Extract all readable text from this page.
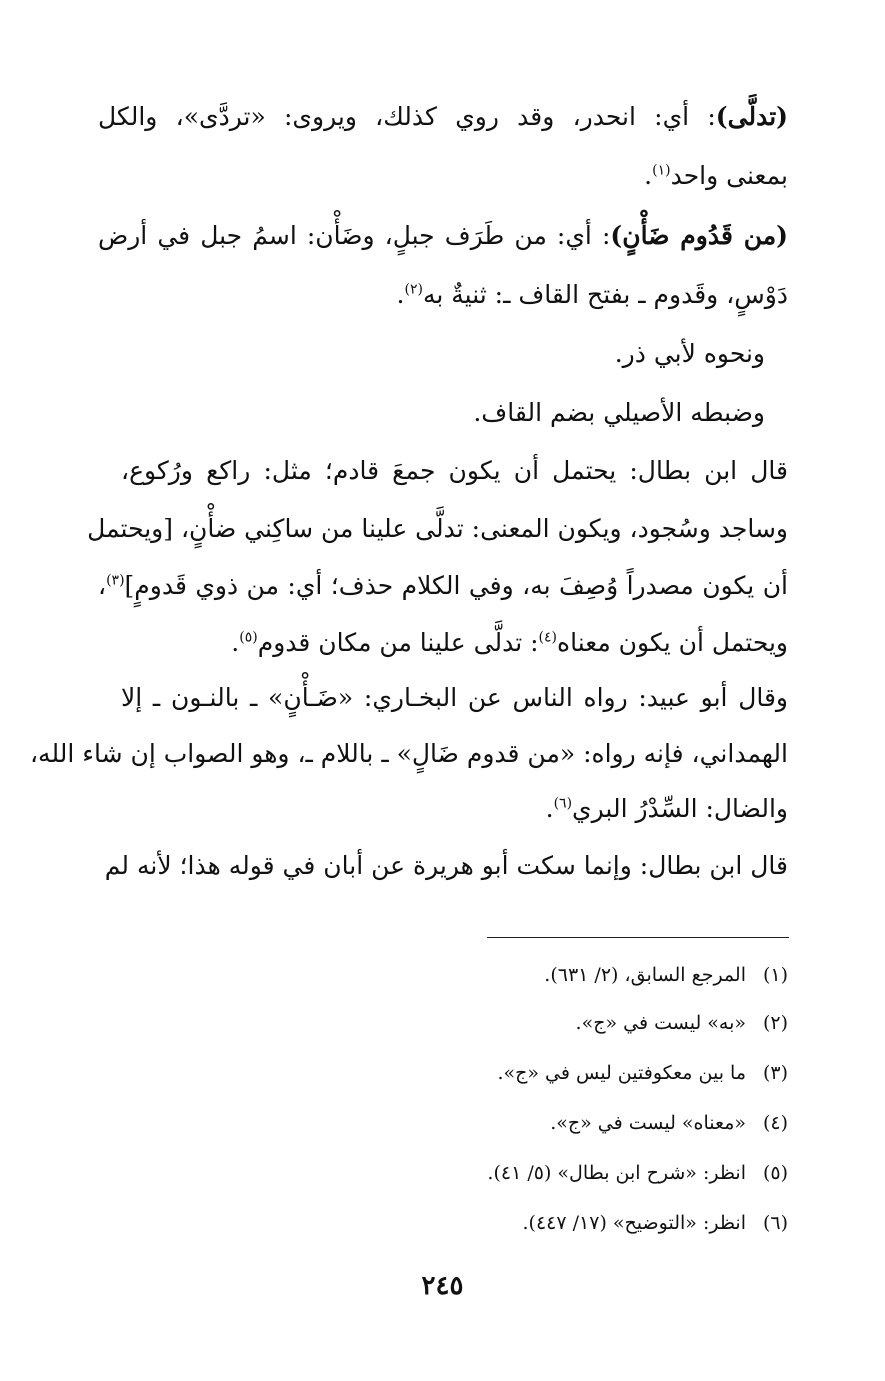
(تدلَّى): أي: انحدر، وقد روي كذلك، ويروى: «تردَّى»، والكل
بمعنى واحد$^{(١)}$.
(من قَدُوم ضَأْنٍ): أي: من طَرَف جبلٍ، وضَأْن: اسمُ جبل في أرض
دَوْسٍ، وقَدوم ـ بفتح القاف ـ: ثنيةٌ به$^{(٢)}$.
ونحوه لأبي ذر.
وضبطه الأصيلي بضم القاف.
قال ابن بطال: يحتمل أن يكون جمعَ قادم؛ مثل: راكع ورُكوع،
وساجد وسُجود، ويكون المعنى: تدلَّى علينا من ساكِني ضأْنٍ، [ويحتمل
أن يكون مصدراً وُصِفَ به، وفي الكلام حذف؛ أي: من ذوي قَدومٍ]$^{(٣)}$،
ويحتمل أن يكون معناه$^{(٤)}$: تدلَّى علينا من مكان قدوم$^{(٥)}$.
وقال أبو عبيد: رواه الناس عن البخـاري: «ضَـأْنٍ» ـ بالنـون ـ إلا
الهمداني، فإنه رواه: «من قدوم ضَالٍ» ـ باللام ـ، وهو الصواب إن شاء الله،
والضال: السِّدْرُ البري$^{(٦)}$.
قال ابن بطال: وإنما سكت أبو هريرة عن أبان في قوله هذا؛ لأنه لم
(١)المرجع السابق، (٢/ ٦٣١).
(٢)«به» ليست في «ج».
(٣)ما بين معكوفتين ليس في «ج».
(٤)«معناه» ليست في «ج».
(٥)انظر: «شرح ابن بطال» (٥/ ٤١).
(٦)انظر: «التوضيح» (١٧/ ٤٤٧).
٢٤٥
